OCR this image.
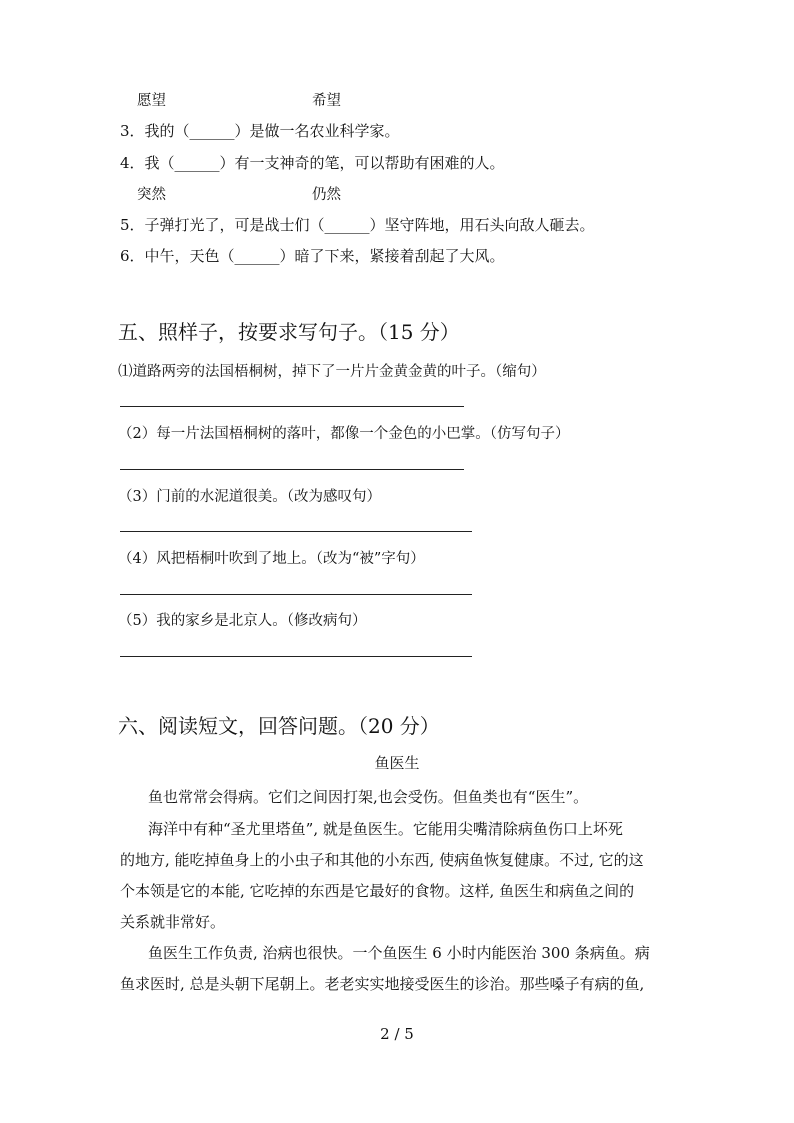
愿望	希望
3．我的（______）是做一名农业科学家。
4．我（______）有一支神奇的笔，可以帮助有困难的人。
突然	仍然
5．子弹打光了，可是战士们（______）坚守阵地，用石头向敌人砸去。
6．中午，天色（______）暗了下来，紧接着刮起了大风。
五、照样子，按要求写句子。（15 分）
⑴道路两旁的法国梧桐树，掉下了一片片金黄金黄的叶子。（缩句）
（2）每一片法国梧桐树的落叶，都像一个金色的小巴掌。（仿写句子）
（3）门前的水泥道很美。（改为感叹句）
（4）风把梧桐叶吹到了地上。（改为“被”字句）
（5）我的家乡是北京人。（修改病句）
六、阅读短文，回答问题。（20 分）
鱼医生
鱼也常常会得病。它们之间因打架,也会受伤。但鱼类也有“医生”。
海洋中有种“圣尤里塔鱼”, 就是鱼医生。它能用尖嘴清除病鱼伤口上坏死
的地方, 能吃掉鱼身上的小虫子和其他的小东西, 使病鱼恢复健康。不过, 它的这
个本领是它的本能, 它吃掉的东西是它最好的食物。这样, 鱼医生和病鱼之间的
关系就非常好。
鱼医生工作负责, 治病也很快。一个鱼医生 6 小时内能医治 300 条病鱼。病
鱼求医时, 总是头朝下尾朝上。老老实实地接受医生的诊治。那些嗓子有病的鱼,
2 / 5
